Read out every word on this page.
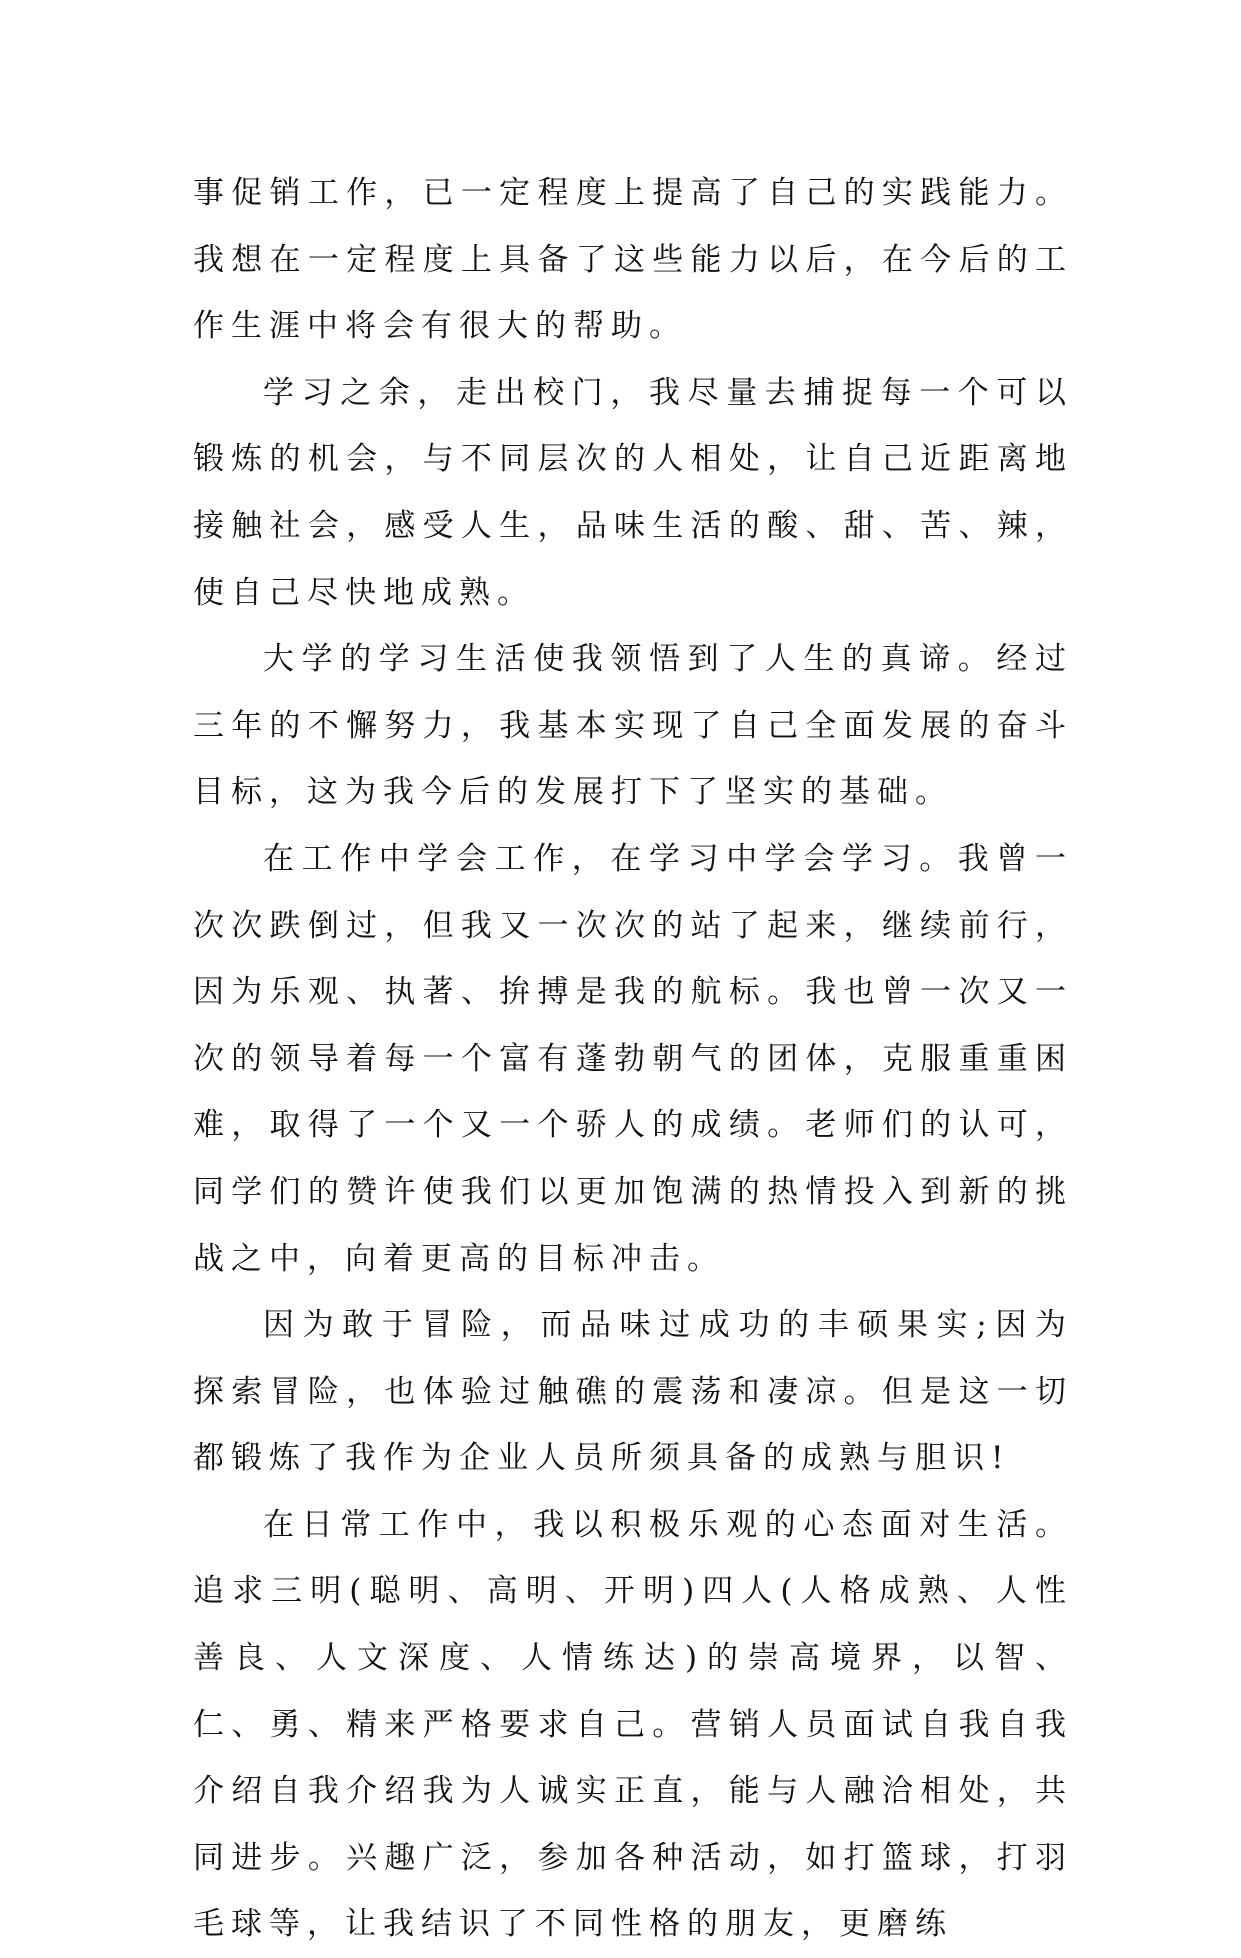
事促销工作，已一定程度上提高了自己的实践能力。我想在一定程度上具备了这些能力以后，在今后的工作生涯中将会有很大的帮助。

学习之余，走出校门，我尽量去捕捉每一个可以锻炼的机会，与不同层次的人相处，让自己近距离地接触社会，感受人生，品味生活的酸、甜、苦、辣，使自己尽快地成熟。

大学的学习生活使我领悟到了人生的真谛。经过三年的不懈努力，我基本实现了自己全面发展的奋斗目标，这为我今后的发展打下了坚实的基础。

在工作中学会工作，在学习中学会学习。我曾一次次跌倒过，但我又一次次的站了起来，继续前行，因为乐观、执著、拚搏是我的航标。我也曾一次又一次的领导着每一个富有蓬勃朝气的团体，克服重重困难，取得了一个又一个骄人的成绩。老师们的认可，同学们的赞许使我们以更加饱满的热情投入到新的挑战之中，向着更高的目标冲击。

因为敢于冒险，而品味过成功的丰硕果实;因为探索冒险，也体验过触礁的震荡和凄凉。但是这一切都锻炼了我作为企业人员所须具备的成熟与胆识!

在日常工作中，我以积极乐观的心态面对生活。追求三明(聪明、高明、开明)四人(人格成熟、人性善良、人文深度、人情练达)的崇高境界，以智、仁、勇、精来严格要求自己。营销人员面试自我自我介绍自我介绍我为人诚实正直，能与人融洽相处，共同进步。兴趣广泛，参加各种活动，如打篮球，打羽毛球等，让我结识了不同性格的朋友，更磨练
